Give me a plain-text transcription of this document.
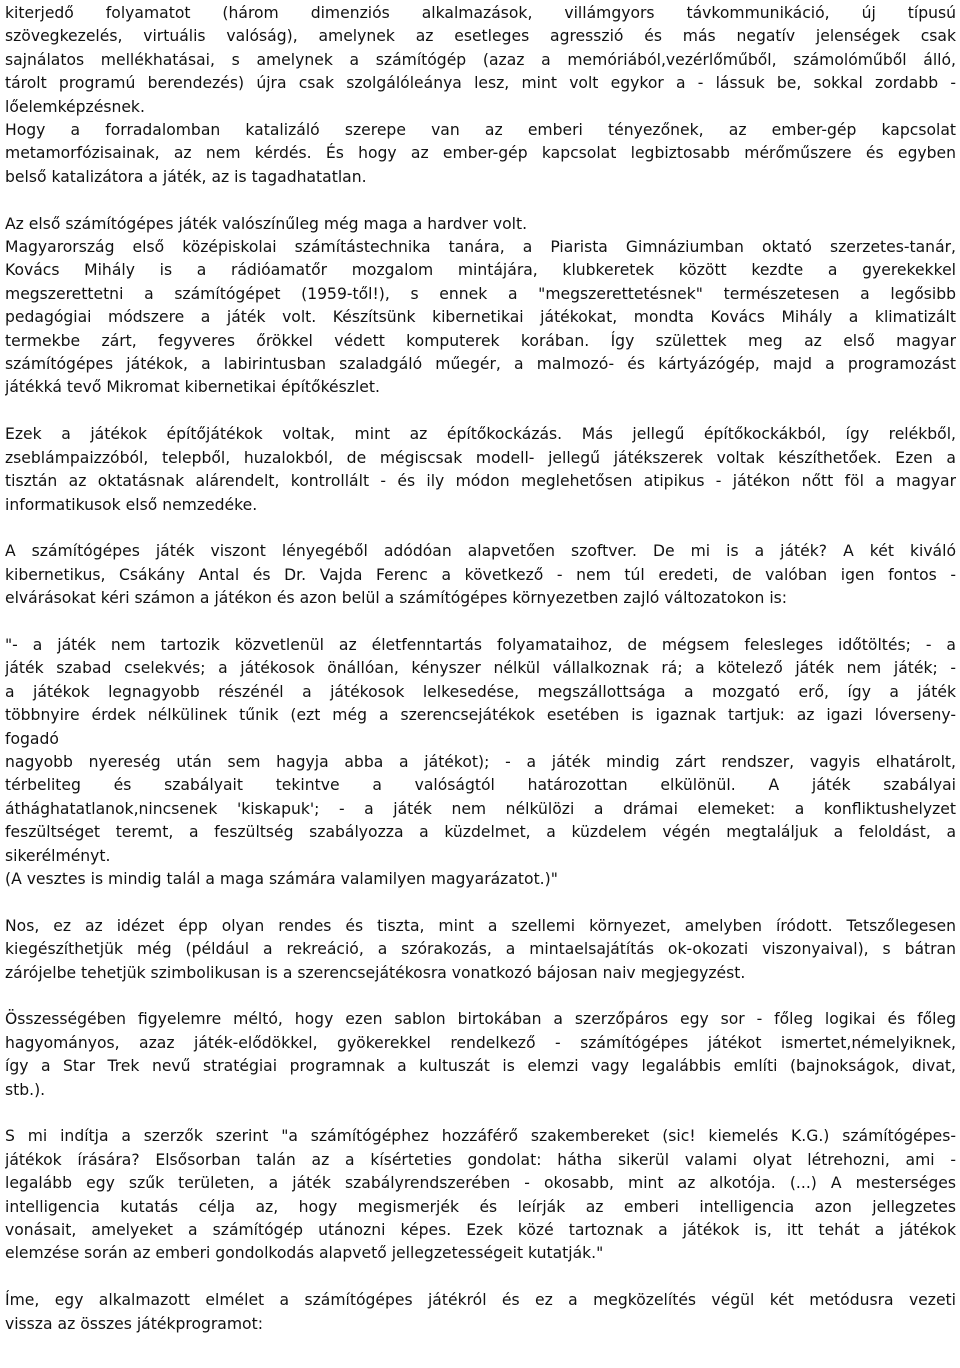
kiterjedő folyamatot (három dimenziós alkalmazások, villámgyors távkommunikáció, új típusú
szövegkezelés, virtuális valóság), amelynek az esetleges agresszió és más negatív jelenségek csak
sajnálatos mellékhatásai, s amelynek a számítógép (azaz a memóriából,vezérlőműből, számolóműből álló,
tárolt programú berendezés) újra csak szolgálóleánya lesz, mint volt egykor a - lássuk be, sokkal zordabb -
lőelemképzésnek.
Hogy a forradalomban katalizáló szerepe van az emberi tényezőnek, az ember-gép kapcsolat
metamorfózisainak, az nem kérdés. És hogy az ember-gép kapcsolat legbiztosabb mérőműszere és egyben
belső katalizátora a játék, az is tagadhatatlan.
Az első számítógépes játék valószínűleg még maga a hardver volt.
Magyarország első középiskolai számítástechnika tanára, a Piarista Gimnáziumban oktató szerzetes-tanár,
Kovács Mihály is a rádióamatőr mozgalom mintájára, klubkeretek között kezdte a gyerekekkel
megszerettetni a számítógépet (1959-től!), s ennek a "megszerettetésnek" természetesen a legősibb
pedagógiai módszere a játék volt. Készítsünk kibernetikai játékokat, mondta Kovács Mihály a klimatizált
termekbe zárt, fegyveres őrökkel védett komputerek korában. Így születtek meg az első magyar
számítógépes játékok, a labirintusban szaladgáló műegér, a malmozó- és kártyázógép, majd a programozást
játékká tevő Mikromat kibernetikai építőkészlet.
Ezek a játékok építőjátékok voltak, mint az építőkockázás. Más jellegű építőkockákból, így relékből,
zseblámpaizzóból, telepből, huzalokból, de mégiscsak modell- jellegű játékszerek voltak készíthetőek. Ezen a
tisztán az oktatásnak alárendelt, kontrollált - és ily módon meglehetősen atipikus - játékon nőtt föl a magyar
informatikusok első nemzedéke.
A számítógépes játék viszont lényegéből adódóan alapvetően szoftver. De mi is a játék? A két kiváló
kibernetikus, Csákány Antal és Dr. Vajda Ferenc a következő - nem túl eredeti, de valóban igen fontos -
elvárásokat kéri számon a játékon és azon belül a számítógépes környezetben zajló változatokon is:
"- a játék nem tartozik közvetlenül az életfenntartás folyamataihoz, de mégsem felesleges időtöltés; - a
játék szabad cselekvés; a játékosok önállóan, kényszer nélkül vállalkoznak rá; a kötelező játék nem játék; -
a játékok legnagyobb részénél a játékosok lelkesedése, megszállottsága a mozgató erő, így a játék
többnyire érdek nélkülinek tűnik (ezt még a szerencsejátékok esetében is igaznak tartjuk: az igazi lóverseny-
fogadó
nagyobb nyereség után sem hagyja abba a játékot); - a játék mindig zárt rendszer, vagyis elhatárolt,
térbeliteg és szabályait tekintve a valóságtól határozottan elkülönül. A játék szabályai
áthághatatlanok,nincsenek 'kiskapuk'; - a játék nem nélkülözi a drámai elemeket: a konfliktushelyzet
feszültséget teremt, a feszültség szabályozza a küzdelmet, a küzdelem végén megtaláljuk a feloldást, a
sikerélményt.
(A vesztes is mindig talál a maga számára valamilyen magyarázatot.)"
Nos, ez az idézet épp olyan rendes és tiszta, mint a szellemi környezet, amelyben íródott. Tetszőlegesen
kiegészíthetjük még (például a rekreáció, a szórakozás, a mintaelsajátítás ok-okozati viszonyaival), s bátran
zárójelbe tehetjük szimbolikusan is a szerencsejátékosra vonatkozó bájosan naiv megjegyzést.
Összességében figyelemre méltó, hogy ezen sablon birtokában a szerzőpáros egy sor - főleg logikai és főleg
hagyományos, azaz játék-elődökkel, gyökerekkel rendelkező - számítógépes játékot ismertet,némelyiknek,
így a Star Trek nevű stratégiai programnak a kultuszát is elemzi vagy legalábbis említi (bajnokságok, divat,
stb.).
S mi indítja a szerzők szerint "a számítógéphez hozzáférő szakembereket (sic! kiemelés K.G.) számítógépes-
játékok írására? Elsősorban talán az a kísérteties gondolat: hátha sikerül valami olyat létrehozni, ami -
legalább egy szűk területen, a játék szabályrendszerében - okosabb, mint az alkotója. (...) A mesterséges
intelligencia kutatás célja az, hogy megismerjék és leírják az emberi intelligencia azon jellegzetes
vonásait, amelyeket a számítógép utánozni képes. Ezek közé tartoznak a játékok is, itt tehát a játékok
elemzése során az emberi gondolkodás alapvető jellegzetességeit kutatják."
Íme, egy alkalmazott elmélet a számítógépes játékról és ez a megközelítés végül két metódusra vezeti
vissza az összes játékprogramot:
